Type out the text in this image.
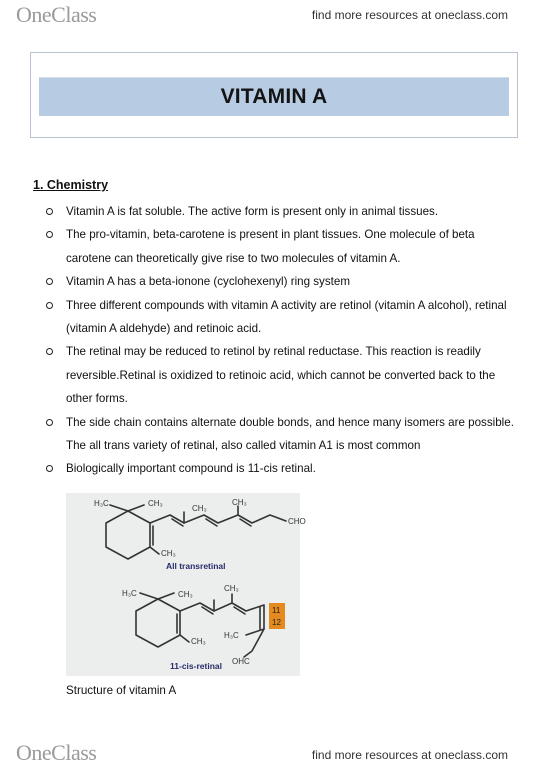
OneClass	find more resources at oneclass.com
VITAMIN A
1. Chemistry
Vitamin A is fat soluble. The active form is present only in animal tissues.
The pro-vitamin, beta-carotene is present in plant tissues. One molecule of beta carotene can theoretically give rise to two molecules of vitamin A.
Vitamin A has a beta-ionone (cyclohexenyl) ring system
Three different compounds with vitamin A activity are retinol (vitamin A alcohol), retinal (vitamin A aldehyde) and retinoic acid.
The retinal may be reduced to retinol by retinal reductase. This reaction is readily reversible.Retinal is oxidized to retinoic acid, which cannot be converted back to the other forms.
The side chain contains alternate double bonds, and hence many isomers are possible. The all trans variety of retinal, also called vitamin A1 is most common
Biologically important compound is 11-cis retinal.
H₃C	CH₃
CH₃
CH₃
CH₃
CHO
H₃C	CH₃
CH₃
CH₃
H₃C
OHC
11
12
All transretinal
11-cis-retinal
Structure of vitamin A
OneClass	find more resources at oneclass.com
